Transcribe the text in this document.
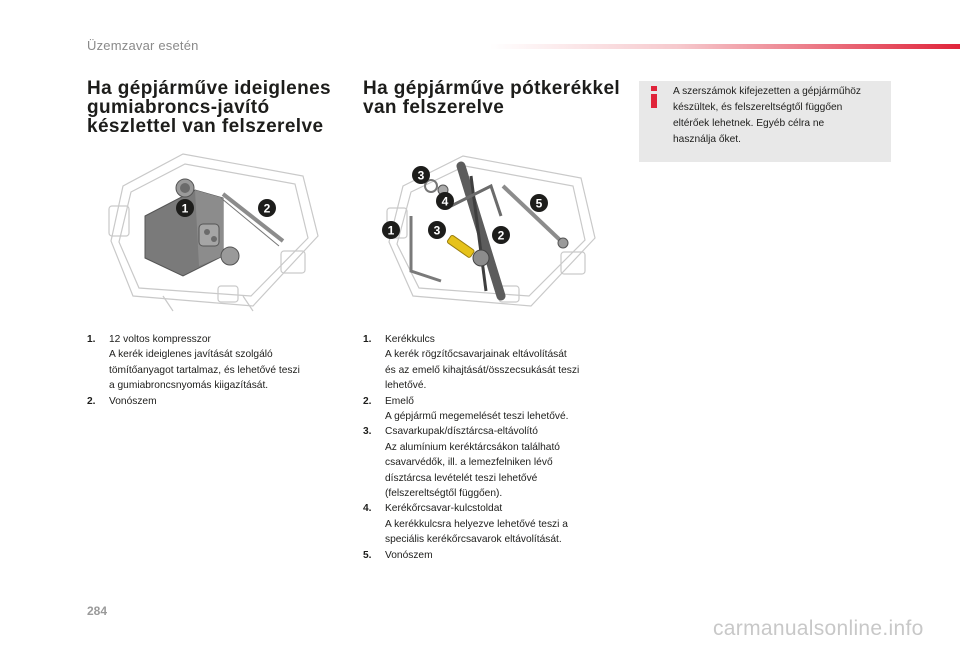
Üzemzavar esetén
Ha gépjárműve ideiglenes
gumiabroncs-javító
készlettel van felszerelve
1	2
1.	12 voltos kompresszor
A kerék ideiglenes javítását szolgáló
tömítőanyagot tartalmaz, és lehetővé teszi
a gumiabroncsnyomás kiigazítását.
2.	Vonószem
Ha gépjárműve pótkerékkel
van felszerelve
3
4
1	3	2
5
1.	Kerékkulcs
A kerék rögzítőcsavarjainak eltávolítását
és az emelő kihajtását/összecsukását teszi
lehetővé.
2.	Emelő
A gépjármű megemelését teszi lehetővé.
3.	Csavarkupak/dísztárcsa-eltávolító
Az alumínium keréktárcsákon található
csavarvédők, ill. a lemezfelniken lévő
dísztárcsa levételét teszi lehetővé
(felszereltségtől függően).
4.	Kerékőrcsavar-kulcstoldat
A kerékkulcsra helyezve lehetővé teszi a
speciális kerékőrcsavarok eltávolítását.
5.	Vonószem
A szerszámok kifejezetten a gépjárműhöz
készültek, és felszereltségtől függően
eltérőek lehetnek. Egyéb célra ne
használja őket.
284
carmanualsonline.info
